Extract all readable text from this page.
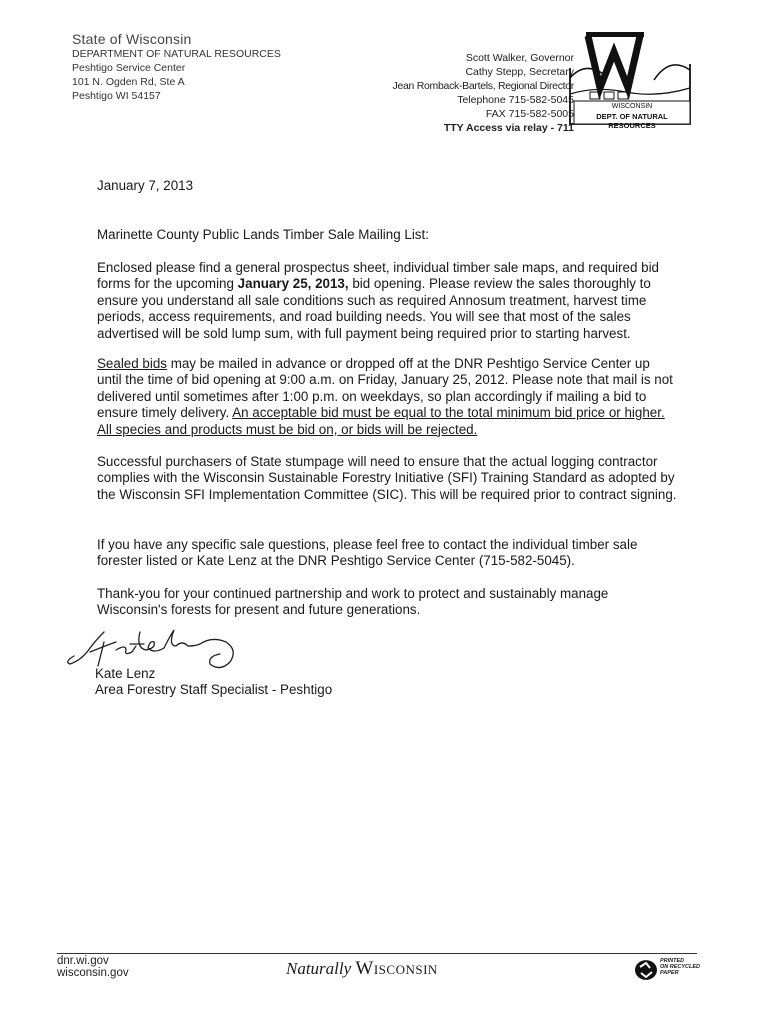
State of Wisconsin
DEPARTMENT OF NATURAL RESOURCES
Peshtigo Service Center
101 N. Ogden Rd, Ste A
Peshtigo WI 54157
Scott Walker, Governor
Cathy Stepp, Secretary
Jean Romback-Bartels, Regional Director
Telephone 715-582-5045
FAX 715-582-5005
TTY Access via relay - 711
WISCONSIN
DEPT. OF NATURAL RESOURCES
January 7, 2013
Marinette County Public Lands Timber Sale Mailing List:

Enclosed please find a general prospectus sheet, individual timber sale maps, and required bid forms for the upcoming January 25, 2013, bid opening. Please review the sales thoroughly to ensure you understand all sale conditions such as required Annosum treatment, harvest time periods, access requirements, and road building needs. You will see that most of the sales advertised will be sold lump sum, with full payment being required prior to starting harvest.

Sealed bids may be mailed in advance or dropped off at the DNR Peshtigo Service Center up until the time of bid opening at 9:00 a.m. on Friday, January 25, 2012. Please note that mail is not delivered until sometimes after 1:00 p.m. on weekdays, so plan accordingly if mailing a bid to ensure timely delivery. An acceptable bid must be equal to the total minimum bid price or higher. All species and products must be bid on, or bids will be rejected.

Successful purchasers of State stumpage will need to ensure that the actual logging contractor complies with the Wisconsin Sustainable Forestry Initiative (SFI) Training Standard as adopted by the Wisconsin SFI Implementation Committee (SIC). This will be required prior to contract signing.
If you have any specific sale questions, please feel free to contact the individual timber sale forester listed or Kate Lenz at the DNR Peshtigo Service Center (715-582-5045).
Thank-you for your continued partnership and work to protect and sustainably manage Wisconsin's forests for present and future generations.
Kate Lenz
Area Forestry Staff Specialist - Peshtigo
dnr.wi.gov
wisconsin.gov	Naturally Wisconsin	PRINTED
ON RECYCLED
PAPER
